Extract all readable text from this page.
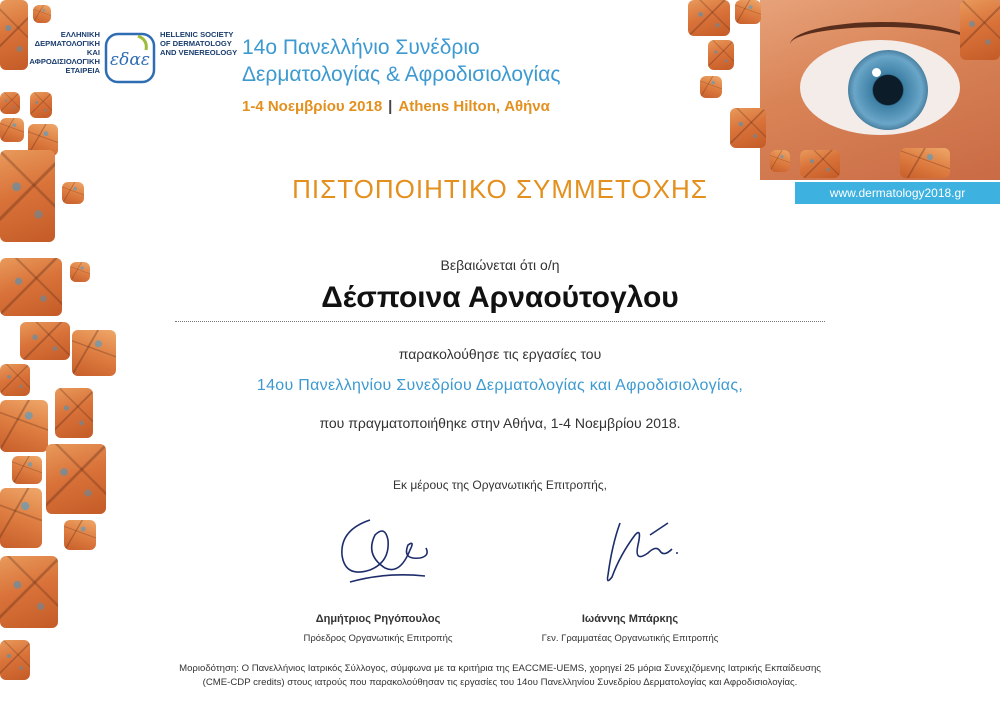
ΕΛΛΗΝΙΚΗ ΔΕΡΜΑΤΟΛΟΓΙΚΗ ΚΑΙ ΑΦΡΟΔΙΣΙΟΛΟΓΙΚΗ ΕΤΑΙΡΕΙΑ
εδαε
HELLENIC SOCIETY OF DERMATOLOGY AND VENEREOLOGY 14ο Πανελλήνιο Συνέδριο
Δερματολογίας & Αφροδισιολογίας
1-4 Νοεμβρίου 2018 | Athens Hilton, Αθήνα
www.dermatology2018.gr
ΠΙΣΤΟΠΟΙΗΤΙΚΟ ΣΥΜΜΕΤΟΧΗΣ
Βεβαιώνεται ότι ο/η
Δέσποινα Αρναούτογλου
παρακολούθησε τις εργασίες του
14ου Πανελληνίου Συνεδρίου Δερματολογίας και Αφροδισιολογίας,
που πραγματοποιήθηκε στην Αθήνα, 1-4 Νοεμβρίου 2018.
Εκ μέρους της Οργανωτικής Επιτροπής,
Δημήτριος Ρηγόπουλος
Πρόεδρος Οργανωτικής Επιτροπής
Ιωάννης Μπάρκης
Γεν. Γραμματέας Οργανωτικής Επιτροπής
Μοριοδότηση: Ο Πανελλήνιος Ιατρικός Σύλλογος, σύμφωνα με τα κριτήρια της EACCME-UEMS, χορηγεί 25 μόρια Συνεχιζόμενης Ιατρικής Εκπαίδευσης
(CME-CDP credits) στους ιατρούς που παρακολούθησαν τις εργασίες του 14ου Πανελληνίου Συνεδρίου Δερματολογίας και Αφροδισιολογίας.
